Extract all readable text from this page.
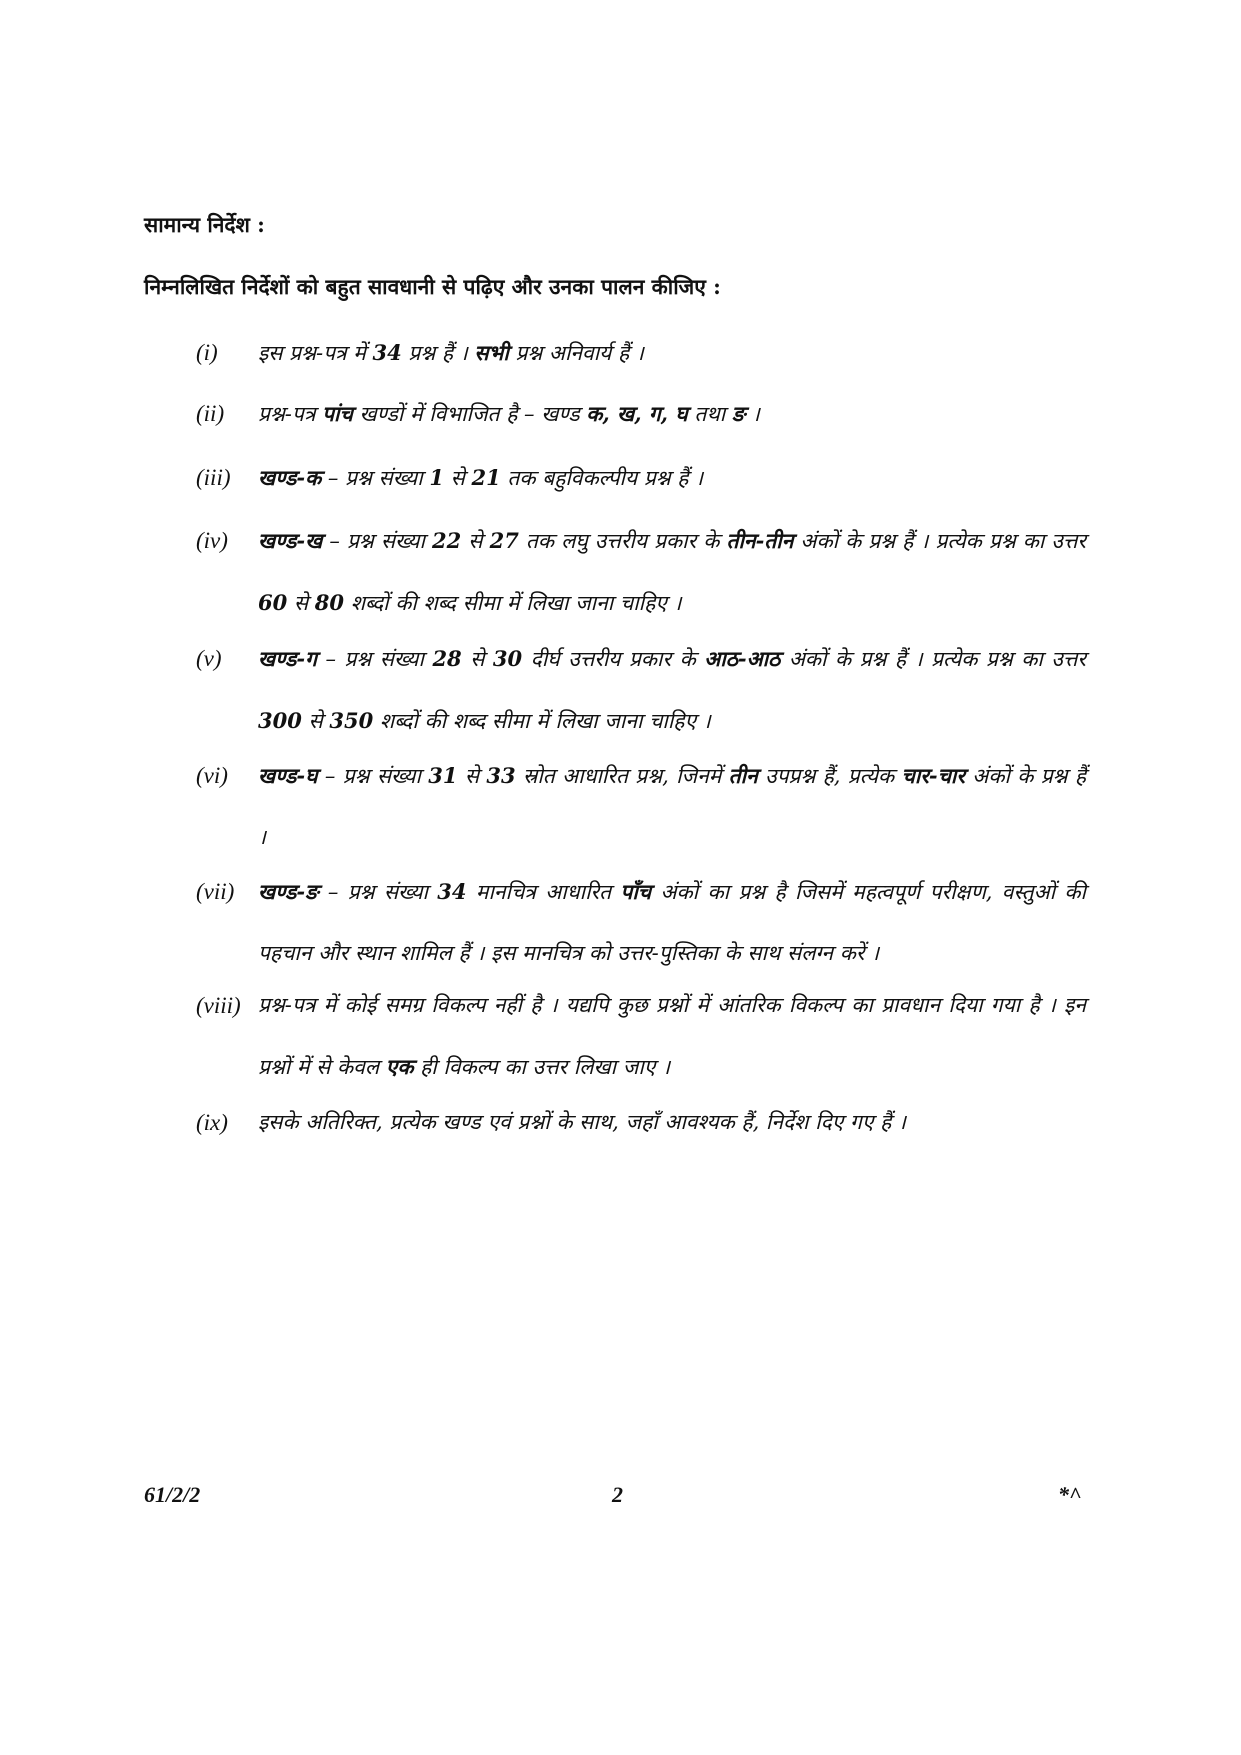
सामान्य निर्देश :
निम्नलिखित निर्देशों को बहुत सावधानी से पढ़िए और उनका पालन कीजिए :
(i)	इस प्रश्न-पत्र में 34 प्रश्न हैं । सभी प्रश्न अनिवार्य हैं ।
(ii)	प्रश्न-पत्र पांच खण्डों में विभाजित है – खण्ड क, ख, ग, घ तथा ङ ।
(iii)	खण्ड-क – प्रश्न संख्या 1 से 21 तक बहुविकल्पीय प्रश्न हैं ।
(iv)	खण्ड-ख – प्रश्न संख्या 22 से 27 तक लघु उत्तरीय प्रकार के तीन-तीन अंकों के प्रश्न हैं । प्रत्येक प्रश्न का उत्तर 60 से 80 शब्दों की शब्द सीमा में लिखा जाना चाहिए ।
(v)	खण्ड-ग – प्रश्न संख्या 28 से 30 दीर्घ उत्तरीय प्रकार के आठ-आठ अंकों के प्रश्न हैं । प्रत्येक प्रश्न का उत्तर 300 से 350 शब्दों की शब्द सीमा में लिखा जाना चाहिए ।
(vi)	खण्ड-घ – प्रश्न संख्या 31 से 33 स्रोत आधारित प्रश्न, जिनमें तीन उपप्रश्न हैं, प्रत्येक चार-चार अंकों के प्रश्न हैं ।
(vii)	खण्ड-ङ – प्रश्न संख्या 34 मानचित्र आधारित पाँच अंकों का प्रश्न है जिसमें महत्वपूर्ण परीक्षण, वस्तुओं की पहचान और स्थान शामिल हैं । इस मानचित्र को उत्तर-पुस्तिका के साथ संलग्न करें ।
(viii) प्रश्न-पत्र में कोई समग्र विकल्प नहीं है । यद्यपि कुछ प्रश्नों में आंतरिक विकल्प का प्रावधान दिया गया है । इन प्रश्नों में से केवल एक ही विकल्प का उत्तर लिखा जाए ।
(ix)	इसके अतिरिक्त, प्रत्येक खण्ड एवं प्रश्नों के साथ, जहाँ आवश्यक हैं, निर्देश दिए गए हैं ।
61/2/2	2	*^
